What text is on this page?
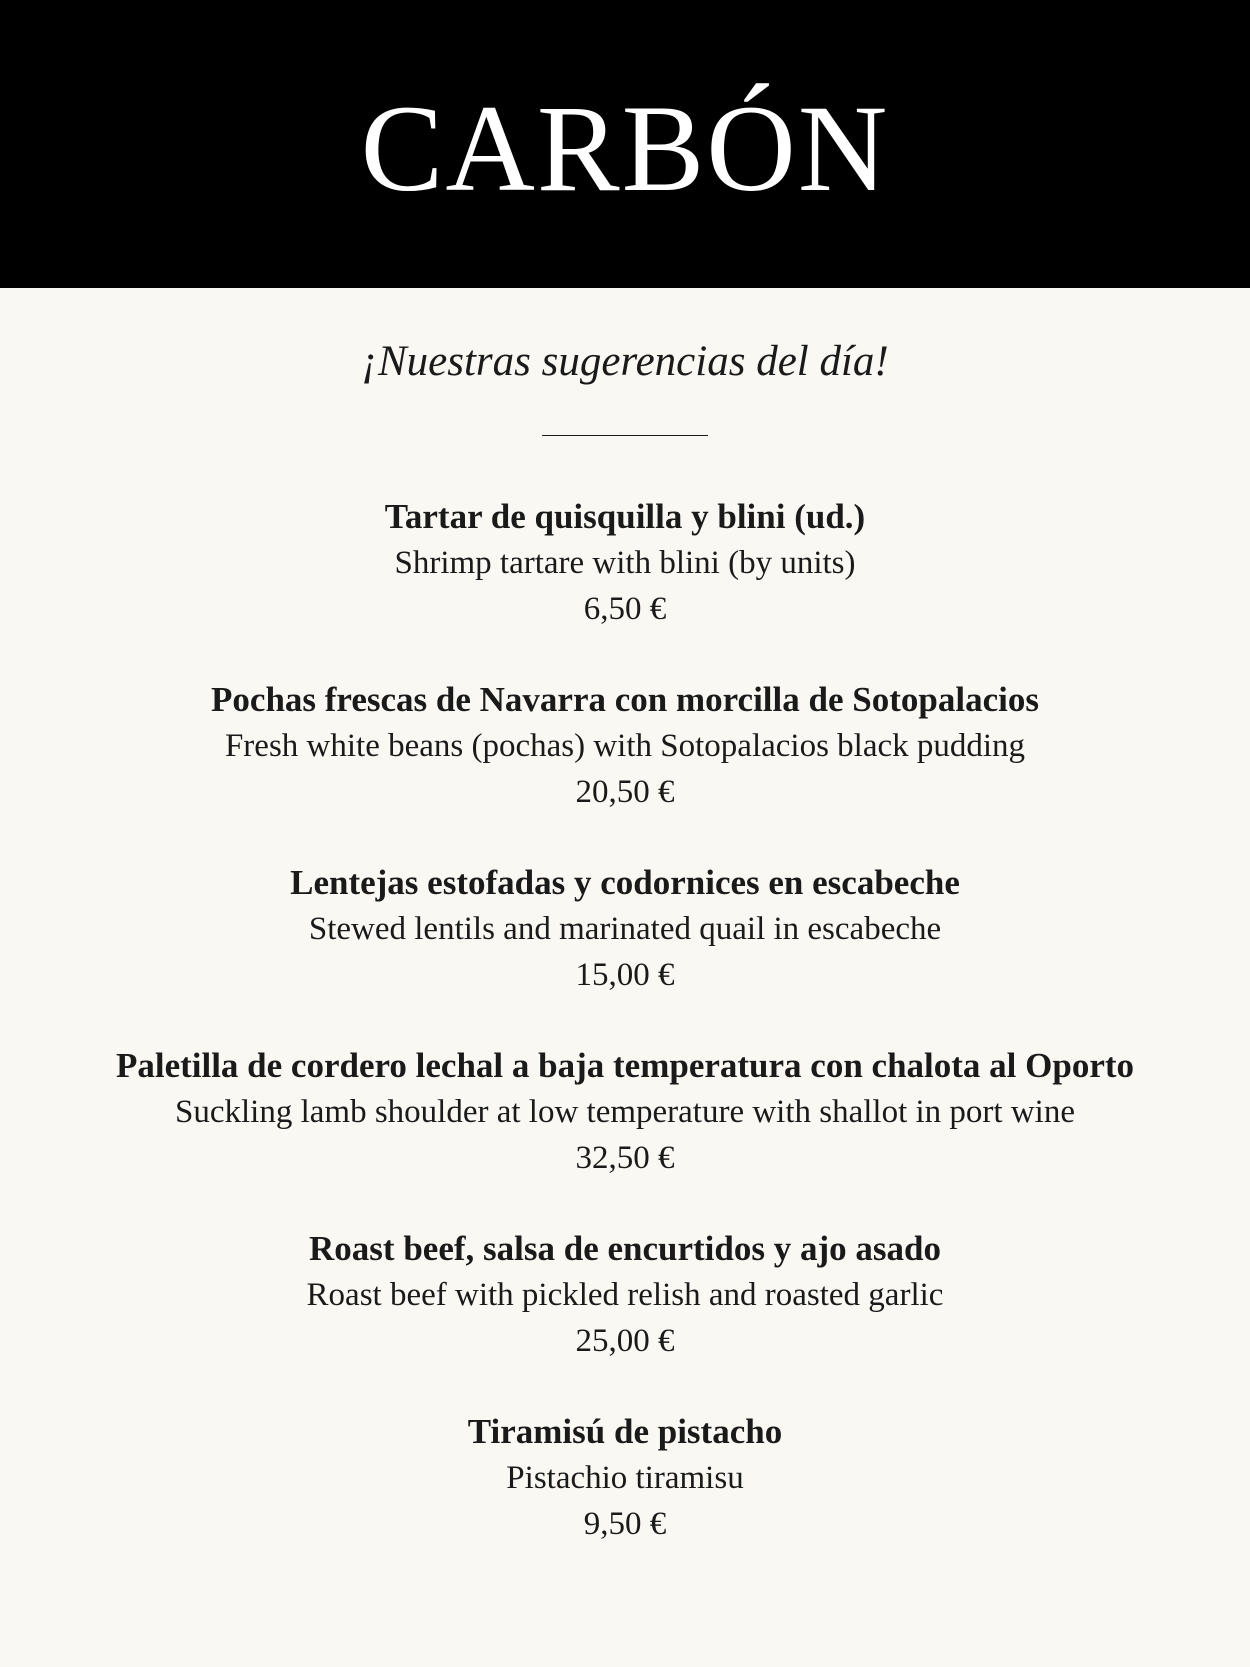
CARBÓN
¡Nuestras sugerencias del día!
Tartar de quisquilla y blini (ud.)
Shrimp tartare with blini (by units)
6,50 €
Pochas frescas de Navarra con morcilla de Sotopalacios
Fresh white beans (pochas) with Sotopalacios black pudding
20,50 €
Lentejas estofadas y codornices en escabeche
Stewed lentils and marinated quail in escabeche
15,00 €
Paletilla de cordero lechal a baja temperatura con chalota al Oporto
Suckling lamb shoulder at low temperature with shallot in port wine
32,50 €
Roast beef, salsa de encurtidos y ajo asado
Roast beef with pickled relish and roasted garlic
25,00 €
Tiramisú de pistacho
Pistachio tiramisu
9,50 €
